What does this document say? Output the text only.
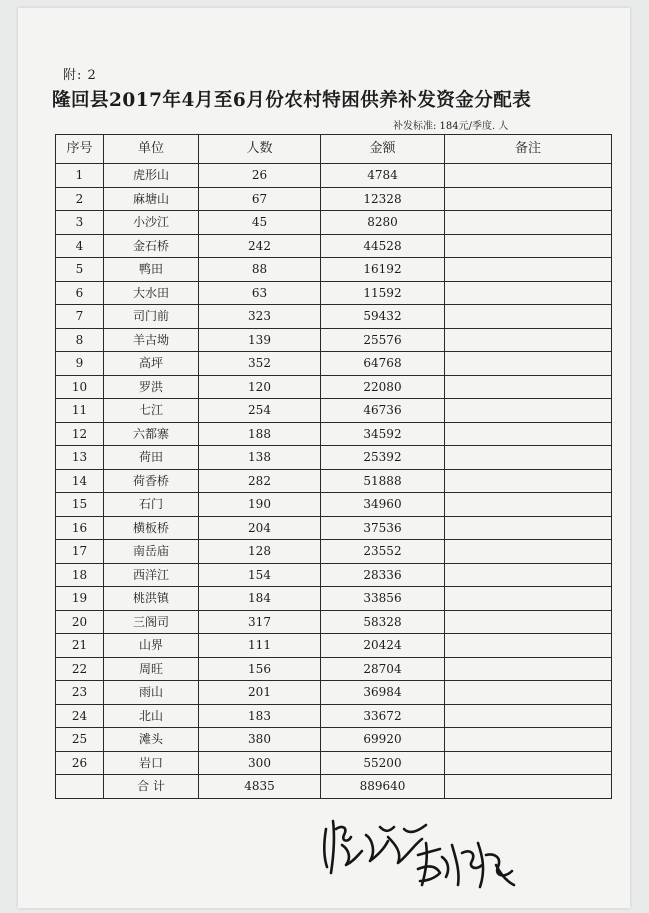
附: 2
隆回县2017年4月至6月份农村特困供养补发资金分配表
补发标准: 184元/季度. 人
序号	单位	人数	金额	备注
1	虎形山	26	4784	
2	麻塘山	67	12328	
3	小沙江	45	8280	
4	金石桥	242	44528	
5	鸭田	88	16192	
6	大水田	63	11592	
7	司门前	323	59432	
8	羊古坳	139	25576	
9	高坪	352	64768	
10	罗洪	120	22080	
11	七江	254	46736	
12	六都寨	188	34592	
13	荷田	138	25392	
14	荷香桥	282	51888	
15	石门	190	34960	
16	横板桥	204	37536	
17	南岳庙	128	23552	
18	西洋江	154	28336	
19	桃洪镇	184	33856	
20	三阁司	317	58328	
21	山界	111	20424	
22	周旺	156	28704	
23	雨山	201	36984	
24	北山	183	33672	
25	滩头	380	69920	
26	岩口	300	55200	
	合 计	4835	889640	
